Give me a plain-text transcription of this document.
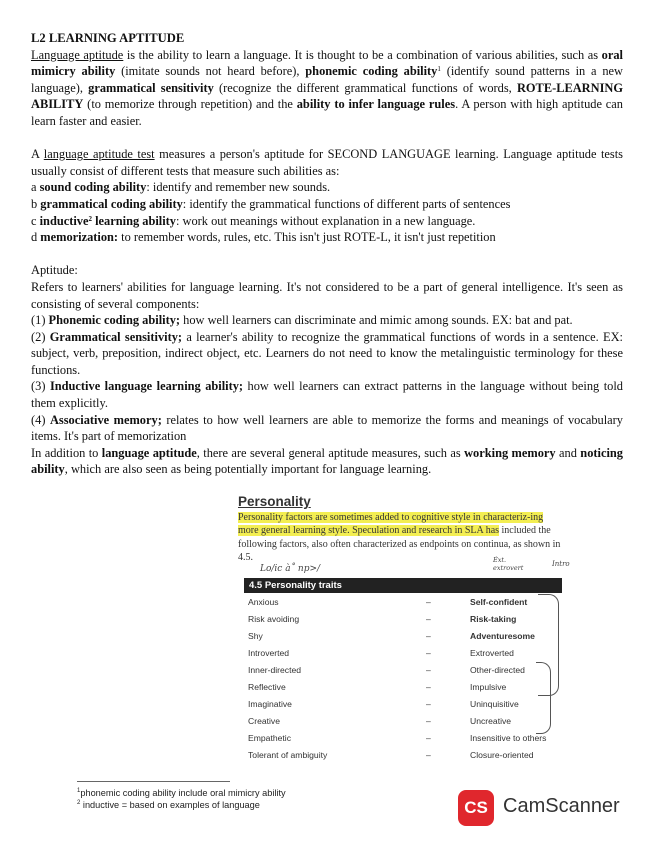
L2 LEARNING APTITUDE

Language aptitude is the ability to learn a language. It is thought to be a combination of various abilities, such as oral mimicry ability (imitate sounds not heard before), phonemic coding ability$^1$ (identify sound patterns in a new language), grammatical sensitivity (recognize the different grammatical functions of words, ROTE-LEARNING ABILITY (to memorize through repetition) and the ability to infer language rules. A person with high aptitude can learn faster and easier.

A language aptitude test measures a person's aptitude for SECOND LANGUAGE learning. Language aptitude tests usually consist of different tests that measure such abilities as:

a sound coding ability: identify and remember new sounds.

b grammatical coding ability: identify the grammatical functions of different parts of sentences

c inductive$^2$ learning ability: work out meanings without explanation in a new language.

d memorization: to remember words, rules, etc. This isn't just ROTE-L, it isn't just repetition

Aptitude:

Refers to learners' abilities for language learning. It's not considered to be a part of general intelligence. It's seen as consisting of several components:

(1) Phonemic coding ability; how well learners can discriminate and mimic among sounds. EX: bat and pat.

(2) Grammatical sensitivity; a learner's ability to recognize the grammatical functions of words in a sentence. EX: subject, verb, preposition, indirect object, etc. Learners do not need to know the metalinguistic terminology for these functions.

(3) Inductive language learning ability; how well learners can extract patterns in the language without being told them explicitly.

(4) Associative memory; relates to how well learners are able to memorize the forms and meanings of vocabulary items. It's part of memorization

In addition to language aptitude, there are several general aptitude measures, such as working memory and noticing ability, which are also seen as being potentially important for language learning.

Personality
Personality factors are sometimes added to cognitive style in characteriz-ing more general learning style. Speculation and research in SLA has included the following factors, also often characterized as endpoints on continua, as shown in 4.5.
Lo/ic à˚ np>/
Éxt. extrovert	Intro
4.5 Personality traits
Anxious	–	Self-confident
Risk avoiding	–	Risk-taking
Shy	–	Adventuresome
Introverted	–	Extroverted
Inner-directed	–	Other-directed
Reflective	–	Impulsive
Imaginative	–	Uninquisitive
Creative	–	Uncreative
Empathetic	–	Insensitive to others
Tolerant of ambiguity	–	Closure-oriented
$^1$phonemic coding ability include oral mimicry ability
$^2$ inductive = based on examples of language	CS CamScanner
